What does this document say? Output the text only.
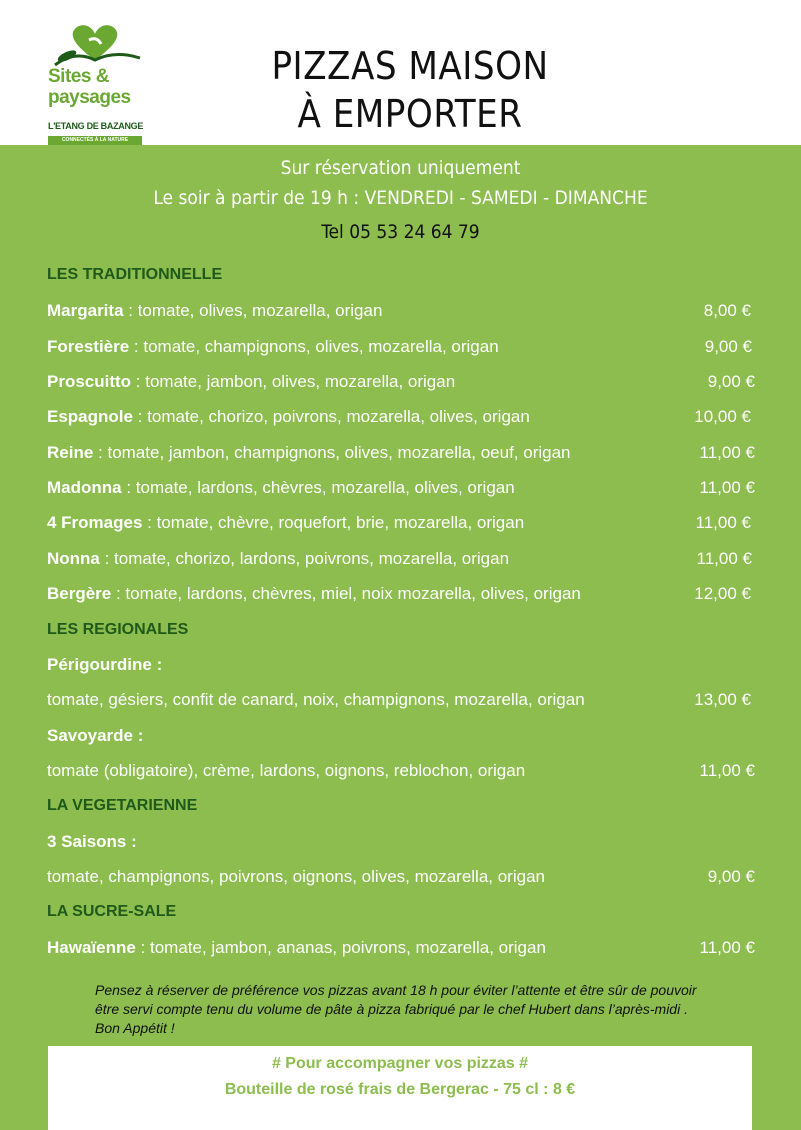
Sites &
paysages
L'ETANG DE BAZANGE
CONNECTÉS À LA NATURE
PIZZAS MAISON
À EMPORTER
Sur réservation uniquement
Le soir à partir de 19 h : VENDREDI - SAMEDI - DIMANCHE
Tel 05 53 24 64 79
LES TRADITIONNELLE
Margarita : tomate, olives, mozarella, origan	8,00 €
Forestière : tomate, champignons, olives, mozarella, origan	9,00 €
Proscuitto : tomate, jambon, olives, mozarella, origan	9,00 €
Espagnole : tomate, chorizo, poivrons, mozarella, olives, origan	10,00 €
Reine : tomate, jambon, champignons, olives, mozarella, oeuf, origan	11,00 €
Madonna : tomate, lardons, chèvres, mozarella, olives, origan	11,00 €
4 Fromages : tomate, chèvre, roquefort, brie, mozarella, origan	11,00 €
Nonna : tomate, chorizo, lardons, poivrons, mozarella, origan	11,00 €
Bergère : tomate, lardons, chèvres, miel, noix mozarella, olives, origan	12,00 €
LES REGIONALES
Périgourdine :
tomate, gésiers, confit de canard, noix, champignons, mozarella, origan	13,00 €
Savoyarde :
tomate (obligatoire), crème, lardons, oignons, reblochon, origan	11,00 €
LA VEGETARIENNE
3 Saisons :
tomate, champignons, poivrons, oignons, olives, mozarella, origan	9,00 €
LA SUCRE-SALE
Hawaïenne : tomate, jambon, ananas, poivrons, mozarella, origan	11,00 €
Pensez à réserver de préférence vos pizzas avant 18 h pour éviter l’attente et être sûr de pouvoir être servi compte tenu du volume de pâte à pizza fabriqué par le chef Hubert dans l’après-midi . Bon Appétit !
# Pour accompagner vos pizzas #
Bouteille de rosé frais de Bergerac - 75 cl : 8 €
